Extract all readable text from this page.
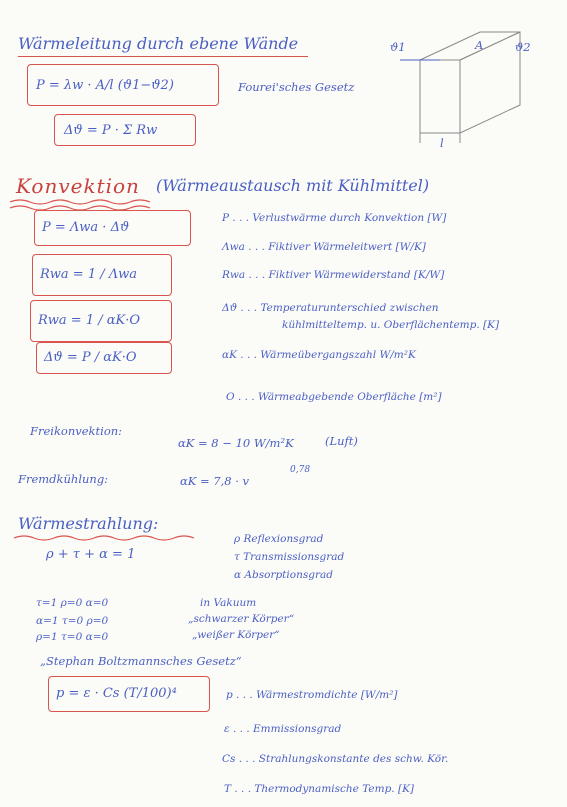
Wärmeleitung durch ebene Wände
P = λw · A/l (ϑ1−ϑ2)	Fourei'sches Gesetz
Δϑ = P · Σ Rw
ϑ1	ϑ2
A
l
Konvektion (Wärmeaustausch mit Kühlmittel)
P = Λwa · Δϑ
Rwa = 1 / Λwa
Rwa = 1 / αK·O
Δϑ = P / αK·O
P . . . Verlustwärme durch Konvektion [W]
Λwa . . . Fiktiver Wärmeleitwert [W/K]
Rwa . . . Fiktiver Wärmewiderstand [K/W]
Δϑ . . . Temperaturunterschied zwischen
kühlmitteltemp. u. Oberflächentemp. [K]
αK . . . Wärmeübergangszahl W/m²K
O . . . Wärmeabgebende Oberfläche [m²]
Freikonvektion:
αK = 8 − 10 W/m²K	(Luft)
Fremdkühlung:	αK = 7,8 · v
0,78
Wärmestrahlung:
ρ + τ + α = 1
ρ Reflexionsgrad
τ Transmissionsgrad
α Absorptionsgrad
τ=1 ρ=0 α=0	in Vakuum
α=1 τ=0 ρ=0	„schwarzer Körper“
ρ=1 τ=0 α=0	„weißer Körper“
„Stephan Boltzmannsches Gesetz“
p = ε · Cs (T/100)⁴	p . . . Wärmestromdichte [W/m²]
ε . . . Emmissionsgrad
Cs . . . Strahlungskonstante des schw. Kör.
T . . . Thermodynamische Temp. [K]
